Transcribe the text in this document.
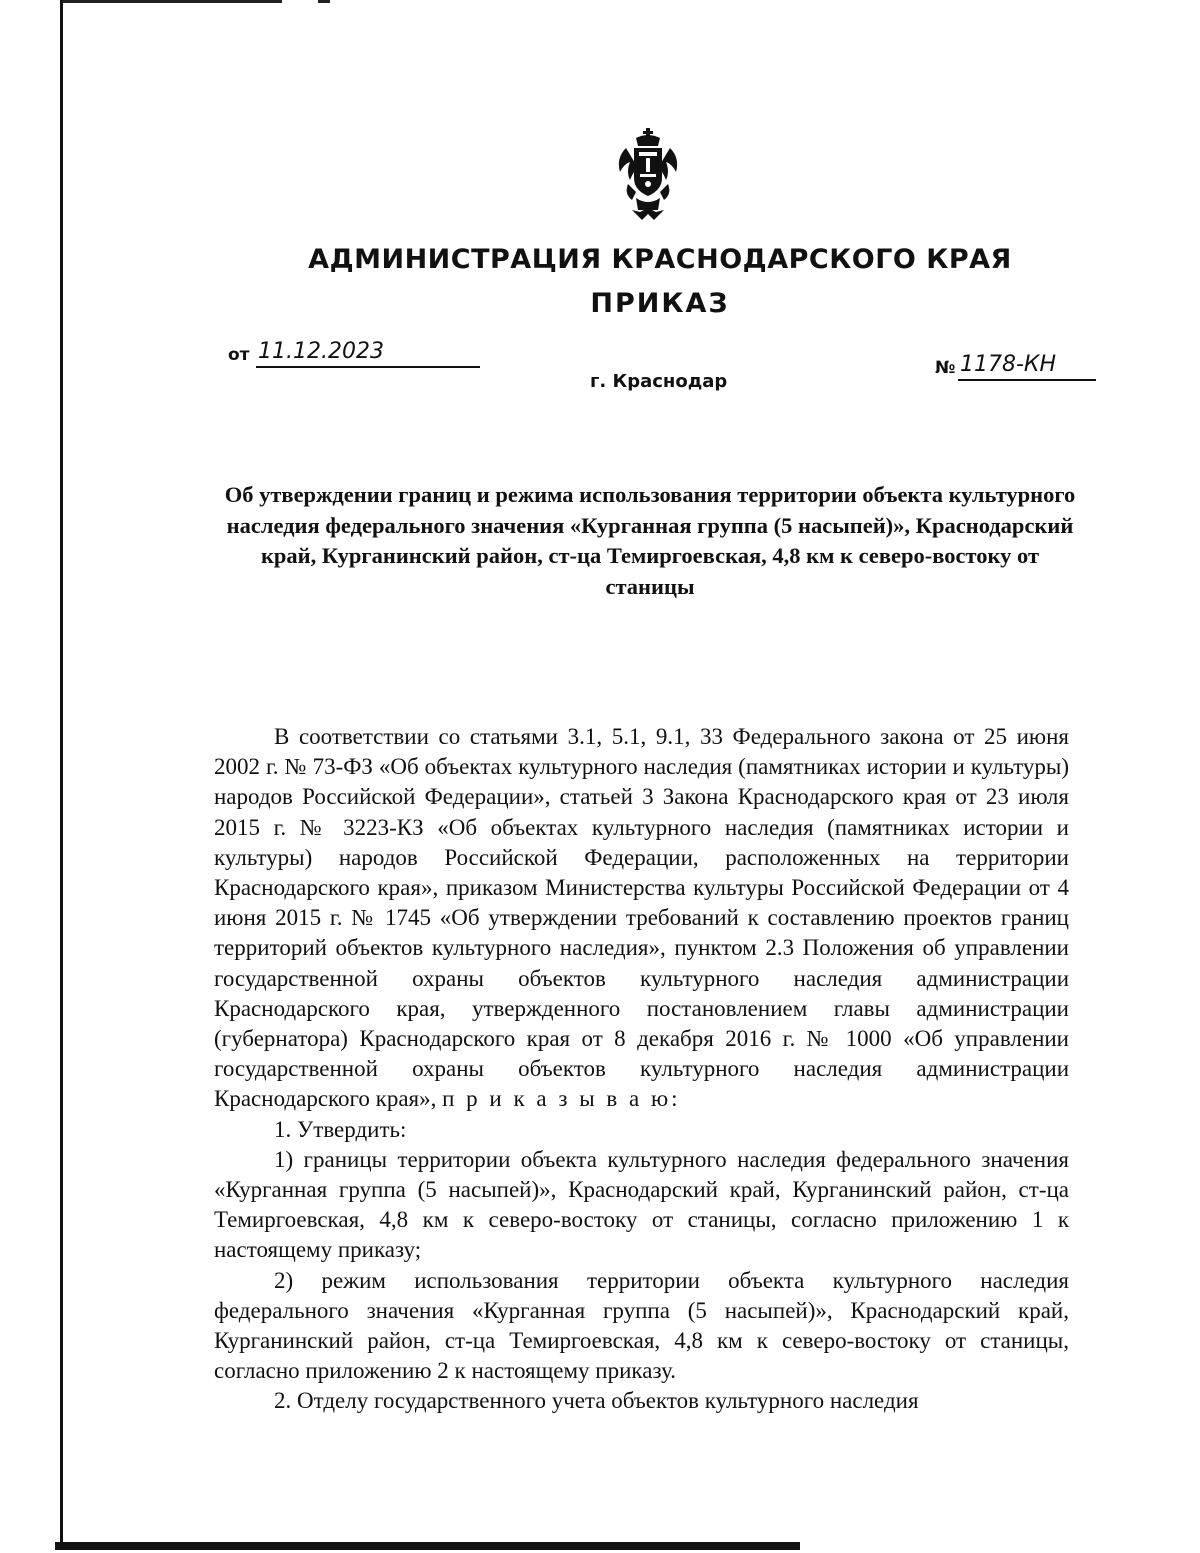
АДМИНИСТРАЦИЯ КРАСНОДАРСКОГО КРАЯ
ПРИКАЗ
от 11.12.2023
г. Краснодар
№ 1178-КН
Об утверждении границ и режима использования территории объекта культурного наследия федерального значения «Курганная группа (5 насыпей)», Краснодарский край, Курганинский район, ст-ца Темиргоевская, 4,8 км к северо-востоку от станицы

В соответствии со статьями 3.1, 5.1, 9.1, 33 Федерального закона от 25 июня 2002 г. № 73-ФЗ «Об объектах культурного наследия (памятниках истории и культуры) народов Российской Федерации», статьей 3 Закона Краснодарского края от 23 июля 2015 г. № 3223-КЗ «Об объектах культурного наследия (памятниках истории и культуры) народов Российской Федерации, расположенных на территории Краснодарского края», приказом Министерства культуры Российской Федерации от 4 июня 2015 г. № 1745 «Об утверждении требований к составлению проектов границ территорий объектов культурного наследия», пунктом 2.3 Положения об управлении государственной охраны объектов культурного наследия администрации Краснодарского края, утвержденного постановлением главы администрации (губернатора) Краснодарского края от 8 декабря 2016 г. № 1000 «Об управлении государственной охраны объектов культурного наследия администрации Краснодарского края», п р и к а з ы в а ю:

1. Утвердить:

1) границы территории объекта культурного наследия федерального значения «Курганная группа (5 насыпей)», Краснодарский край, Курганинский район, ст-ца Темиргоевская, 4,8 км к северо-востоку от станицы, согласно приложению 1 к настоящему приказу;

2) режим использования территории объекта культурного наследия федерального значения «Курганная группа (5 насыпей)», Краснодарский край, Курганинский район, ст-ца Темиргоевская, 4,8 км к северо-востоку от станицы, согласно приложению 2 к настоящему приказу.

2. Отделу государственного учета объектов культурного наследия
